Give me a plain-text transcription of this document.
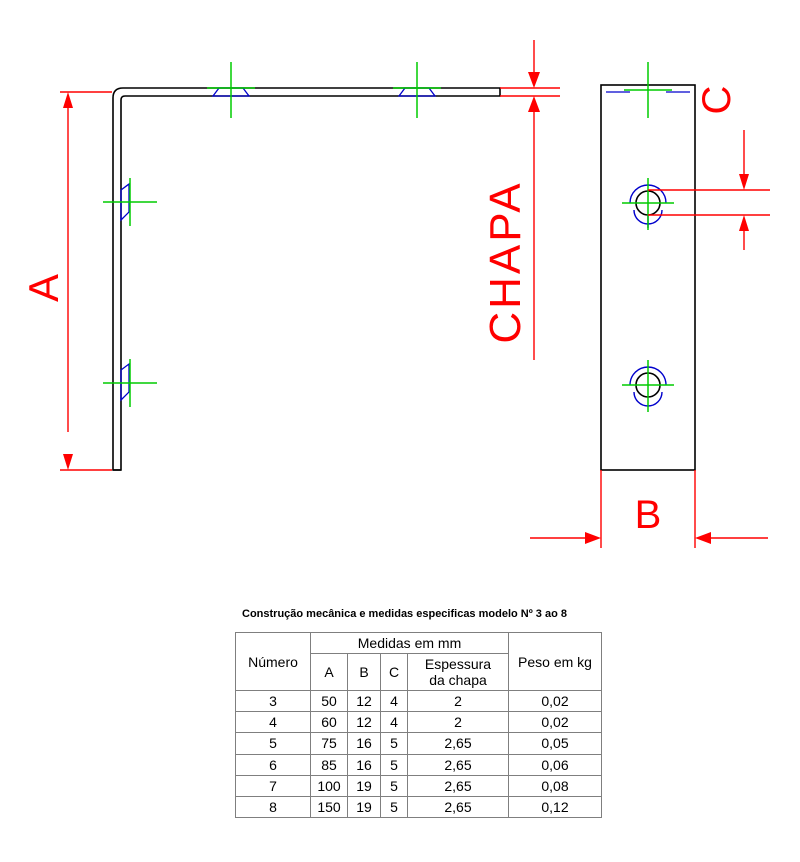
A	CHAPA
C
B
Construção mecânica e medidas especificas modelo Nº 3 ao 8
Número	Medidas em mm				Peso em kg
	A	B	C	Espessura
da chapa	
3	50	12	4	2	0,02
4	60	12	4	2	0,02
5	75	16	5	2,65	0,05
6	85	16	5	2,65	0,06
7	100	19	5	2,65	0,08
8	150	19	5	2,65	0,12
